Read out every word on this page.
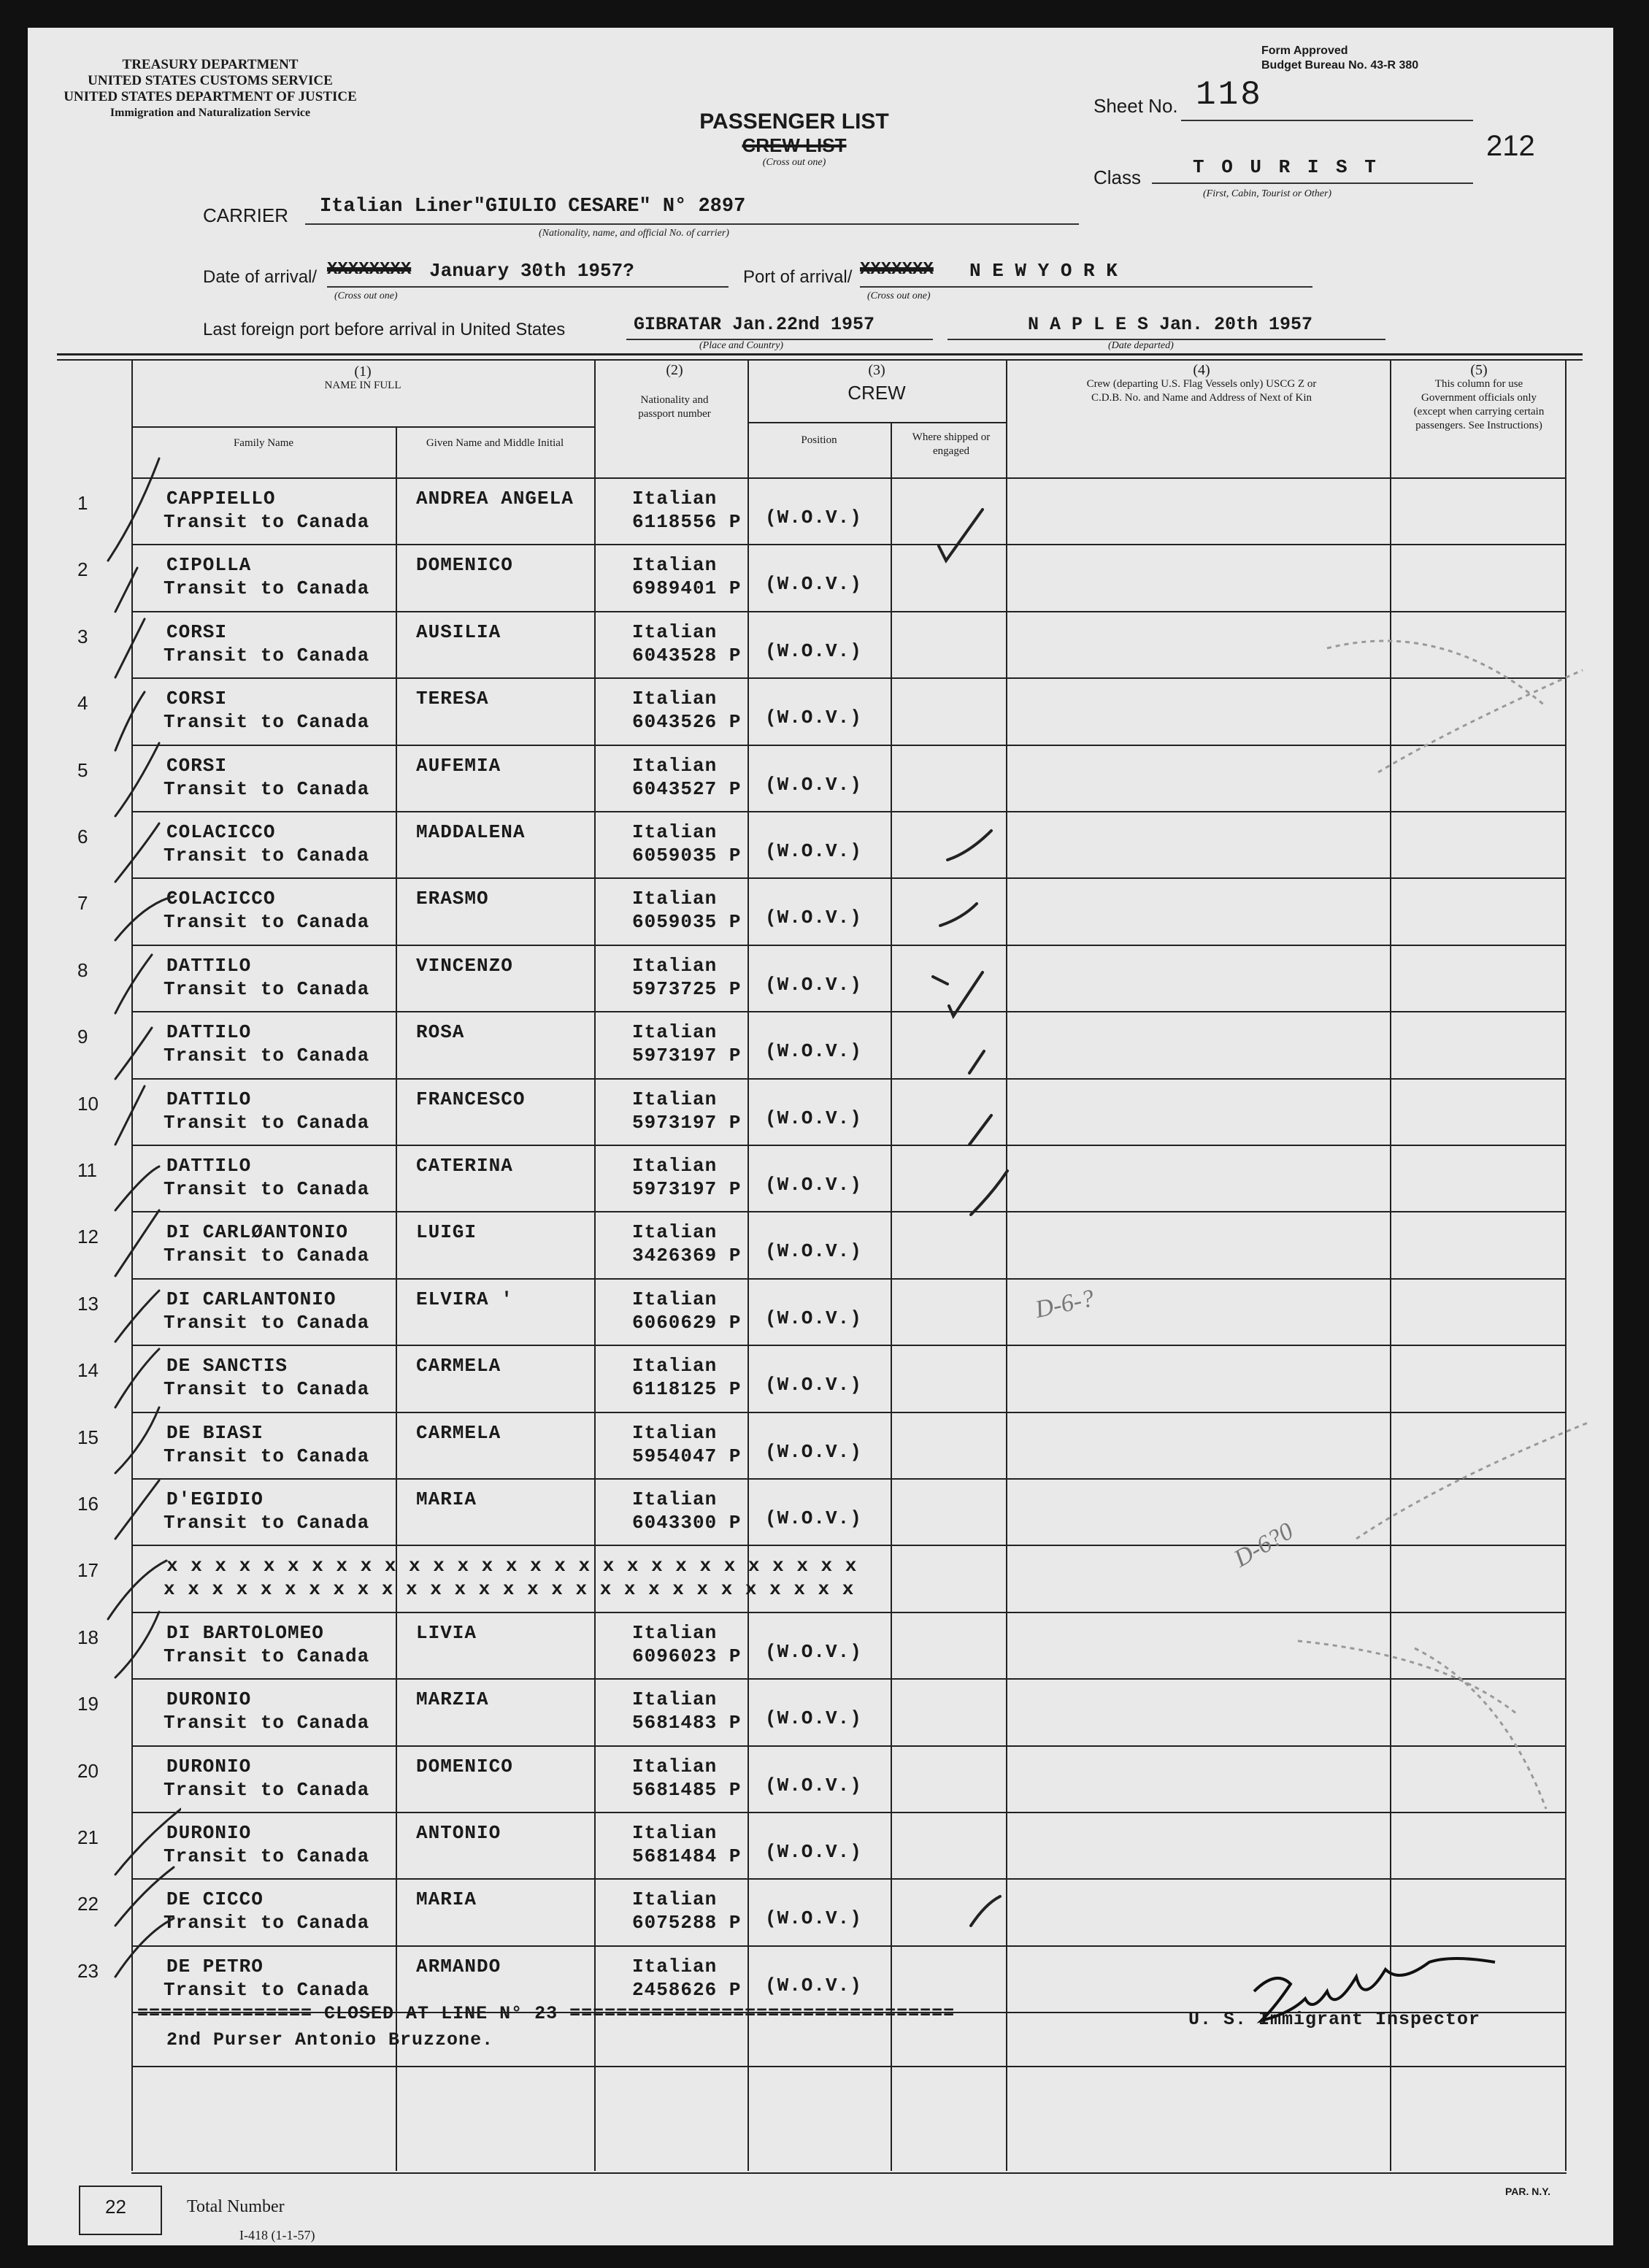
TREASURY DEPARTMENT
UNITED STATES CUSTOMS SERVICE
UNITED STATES DEPARTMENT OF JUSTICE
Immigration and Naturalization Service	PASSENGER LIST
CREW LIST
(Cross out one)
Form Approved
Budget Bureau No. 43-R 380
Sheet No. 118
212
Class	T O U R I S T
(First, Cabin, Tourist or Other)
CARRIER Italian Liner"GIULIO CESARE" N° 2897
(Nationality, name, and official No. of carrier)
Date of arrival/ XXXXXXXX January 30th 1957?	Port of arrival/ XXXXXXX N E W Y O R K
(Cross out one)	(Cross out one)
Last foreign port before arrival in United States	GIBRATAR Jan.22nd 1957	N A P L E S Jan. 20th 1957
(Place and Country)	(Date departed)
(1)
NAME IN FULL
Family Name	Given Name and Middle Initial
(2)
Nationality and passport number
(3)
CREW
Position	Where shipped or engaged
(4)
Crew (departing U.S. Flag Vessels only) USCG Z or C.D.B. No. and Name and Address of Next of Kin
(5)
This column for use Government officials only (except when carrying certain passengers. See Instructions)
1	CAPPIELLO
Transit to Canada
ANDREA ANGELA	Italian
6118556 P (W.O.V.)
2	CIPOLLA
Transit to Canada
DOMENICO	Italian
6989401 P (W.O.V.)
3	CORSI
Transit to Canada
AUSILIA	Italian
6043528 P (W.O.V.)
4	CORSI
Transit to Canada
TERESA	Italian
6043526 P (W.O.V.)
5	CORSI
Transit to Canada
AUFEMIA	Italian
6043527 P (W.O.V.)
6	COLACICCO
Transit to Canada
MADDALENA	Italian
6059035 P (W.O.V.)
7	COLACICCO
Transit to Canada
ERASMO	Italian
6059035 P (W.O.V.)
8	DATTILO
Transit to Canada
VINCENZO	Italian
5973725 P (W.O.V.)
9	DATTILO
Transit to Canada
ROSA	Italian
5973197 P (W.O.V.)
10	DATTILO
Transit to Canada
FRANCESCO	Italian
5973197 P (W.O.V.)
11	DATTILO
Transit to Canada
CATERINA	Italian
5973197 P (W.O.V.)
12	DI CARLØANTONIO
Transit to Canada
LUIGI	Italian
3426369 P (W.O.V.)
13	DI CARLANTONIO
Transit to Canada
ELVIRA '	Italian
6060629 P (W.O.V.)
14	DE SANCTIS
Transit to Canada
CARMELA	Italian
6118125 P (W.O.V.)
15	DE BIASI
Transit to Canada
CARMELA	Italian
5954047 P (W.O.V.)
16	D'EGIDIO
Transit to Canada
MARIA	Italian
6043300 P (W.O.V.)
17	x x x x x x x x x x x x x x x x x x x x x x x x x x x x x
x x x x x x x x x x x x x x x x x x x x x x x x x x x x x
18	DI BARTOLOMEO
Transit to Canada
LIVIA	Italian
6096023 P (W.O.V.)
19	DURONIO
Transit to Canada
MARZIA	Italian
5681483 P (W.O.V.)
20	DURONIO
Transit to Canada
DOMENICO	Italian
5681485 P (W.O.V.)
21	DURONIO
Transit to Canada
ANTONIO	Italian
5681484 P (W.O.V.)
22	DE CICCO
Transit to Canada
MARIA	Italian
6075288 P (W.O.V.)
23	DE PETRO
Transit to Canada
ARMANDO	Italian
2458626 P (W.O.V.)
=============== CLOSED AT LINE N° 23 =================================
2nd Purser Antonio Bruzzone.
U. S. Immigrant Inspector
22	Total Number
I-418 (1-1-57)
PAR. N.Y.
D-6-?
D-6?0
